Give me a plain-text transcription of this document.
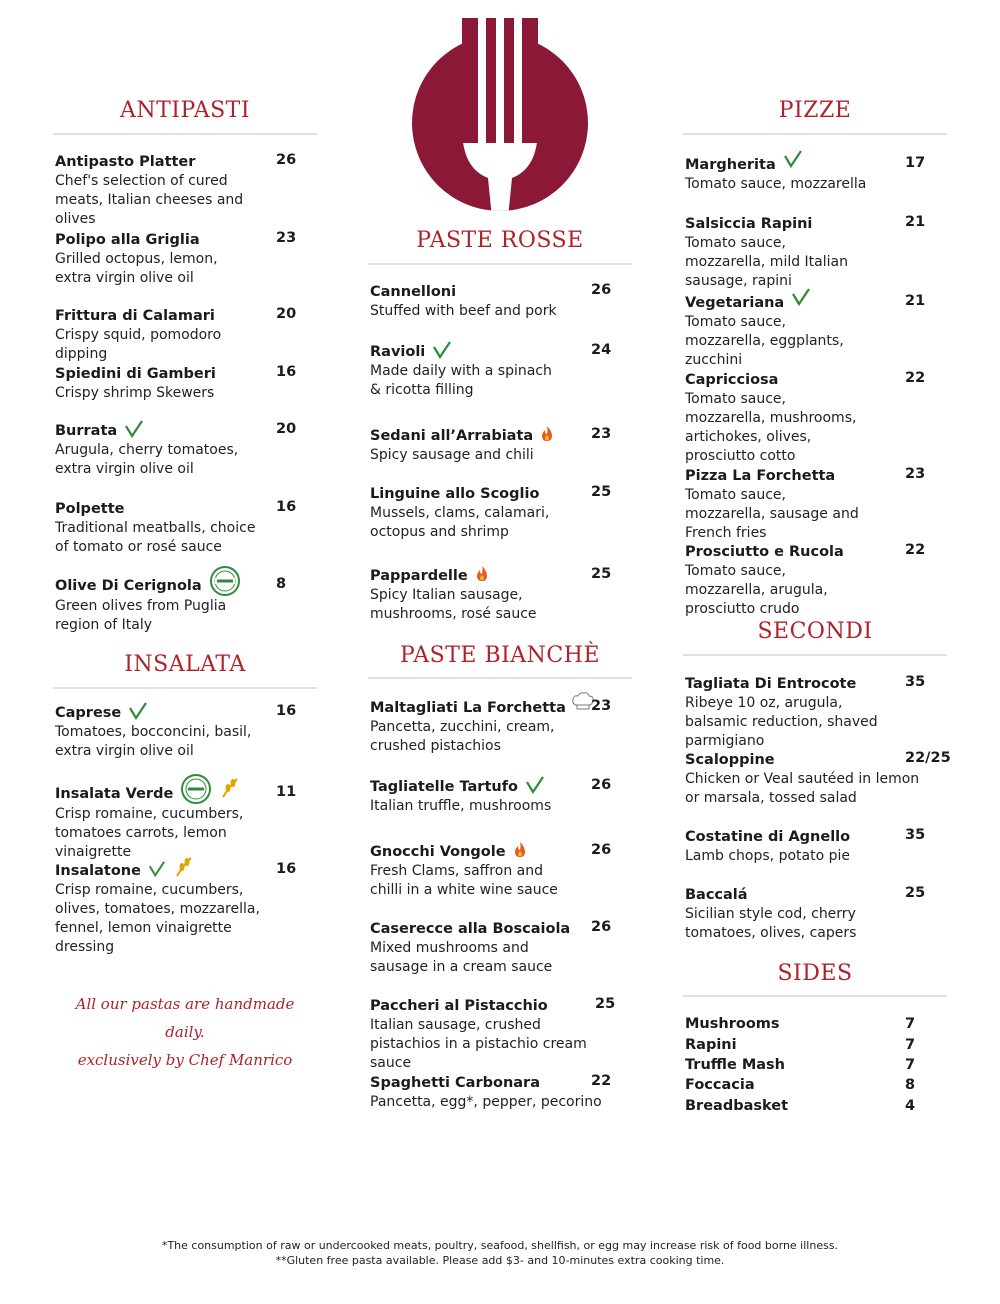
ANTIPASTI
Antipasto Platter	26
Chef's selection of cured meats, Italian cheeses and olives
Polipo alla Griglia	23
Grilled octopus, lemon, extra virgin olive oil
Frittura di Calamari	20
Crispy squid, pomodoro dipping
Spiedini di Gamberi	16
Crispy shrimp Skewers
Burrata	20
Arugula, cherry tomatoes, extra virgin olive oil
Polpette	16
Traditional meatballs, choice of tomato or rosé sauce
Olive Di Cerignola	8
Green olives from Puglia region of Italy
INSALATA
Caprese	16
Tomatoes, bocconcini, basil, extra virgin olive oil
Insalata Verde	11
Crisp romaine, cucumbers, tomatoes carrots, lemon vinaigrette
Insalatone	16
Crisp romaine, cucumbers, olives, tomatoes, mozzarella, fennel, lemon vinaigrette dressing
All our pastas are handmade daily.
exclusively by Chef Manrico
PASTE ROSSE
Cannelloni	26
Stuffed with beef and pork
Ravioli	24
Made daily with a spinach & ricotta filling
Sedani all’Arrabiata	23
Spicy sausage and chili
Linguine allo Scoglio	25
Mussels, clams, calamari, octopus and shrimp
Pappardelle	25
Spicy Italian sausage, mushrooms, rosé sauce
PASTE BIANCHÈ
Maltagliati La Forchetta 23
Pancetta, zucchini, cream, crushed pistachios
Tagliatelle Tartufo	26
Italian truffle, mushrooms
Gnocchi Vongole	26
Fresh Clams, saffron and chilli in a white wine sauce
Caserecce alla Boscaiola 26
Mixed mushrooms and sausage in a cream sauce
Paccheri al Pistacchio	25
Italian sausage, crushed pistachios in a pistachio cream sauce
Spaghetti Carbonara	22
Pancetta, egg*, pepper, pecorino
PIZZE
Margherita	17
Tomato sauce, mozzarella
Salsiccia Rapini	21
Tomato sauce, mozzarella, mild Italian sausage, rapini
Vegetariana	21
Tomato sauce, mozzarella, eggplants, zucchini
Capricciosa	22
Tomato sauce, mozzarella, mushrooms, artichokes, olives, prosciutto cotto
Pizza La Forchetta	23
Tomato sauce, mozzarella, sausage and French fries
Prosciutto e Rucola	22
Tomato sauce, mozzarella, arugula, prosciutto crudo
SECONDI
Tagliata Di Entrocote	35
Ribeye 10 oz, arugula, balsamic reduction, shaved parmigiano
Scaloppine	22/25
Chicken or Veal sautéed in lemon or marsala, tossed salad
Costatine di Agnello	35
Lamb chops, potato pie
Baccalá	25
Sicilian style cod, cherry tomatoes, olives, capers
SIDES
Mushrooms	7
Rapini	7
Truffle Mash	7
Foccacia	8
Breadbasket	4
*The consumption of raw or undercooked meats, poultry, seafood, shellfish, or egg may increase risk of food borne illness.
**Gluten free pasta available. Please add $3- and 10-minutes extra cooking time.
